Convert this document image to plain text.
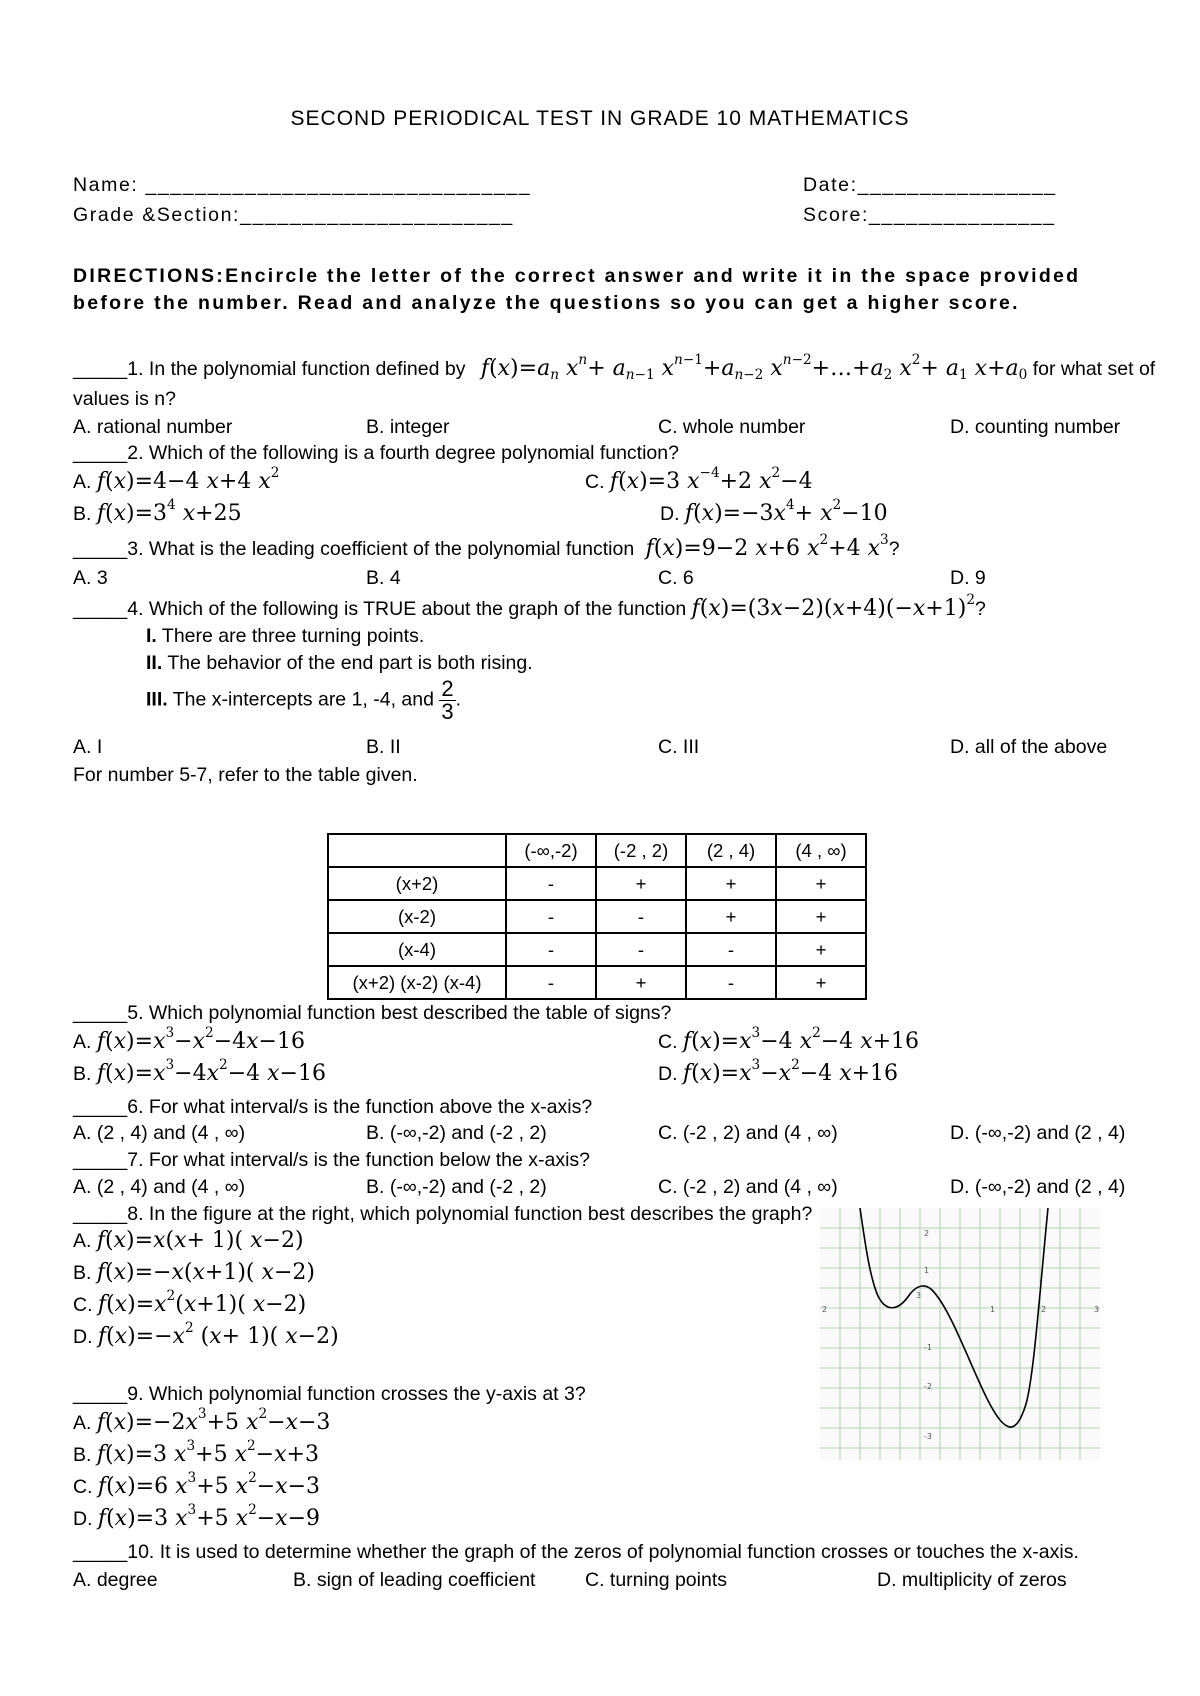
SECOND PERIODICAL TEST IN GRADE 10 MATHEMATICS
Name: _______________________________	Date:________________
Grade &Section:______________________	Score:_______________
DIRECTIONS:Encircle the letter of the correct answer and write it in the space provided
before the number. Read and analyze the questions so you can get a higher score.
_____1. In the polynomial function defined by $f(x)=a_n$ $x^n+ a_{n-1}$ $x^{n-1}+a_{n-2}$ $x^{n-2}+\dots+a_2$ $x^2+ a_1$ $x+a_0$ for what set of
values is n?
A. rational number	B. integer	C. whole number	D. counting number
_____2. Which of the following is a fourth degree polynomial function?
A. f(x)=4−4 x+4 $x^2$	C. f(x)=3 $x^{-4}+2$ $x^2-4$
B. $f(x)=3^4$ x+25	D. $f(x)=-3x^4+ x^2-10$
_____3. What is the leading coefficient of the polynomial function f(x)=9−2 x+6 $x^2+4$ $x^3$?
A. 3	B. 4	C. 6	D. 9
_____4. Which of the following is TRUE about the graph of the function $f(x)=(3x-2)(x+4)(-x+1)^2$?
I. There are three turning points.
II. The behavior of the end part is both rising.
III. The x-intercepts are 1, -4, and $\frac{2}{3}$ .
A. I	B. II	C. III	D. all of the above
For number 5-7, refer to the table given.
	(-∞,-2)	(-2 , 2)	(2 , 4)	(4 , ∞)
(x+2)	-	+	+	+
(x-2)	-	-	+	+
(x-4)	-	-	-	+
(x+2) (x-2) (x-4)	-	+	-	+
_____5. Which polynomial function best described the table of signs?
A. $f(x)=x^3-x^2-4x-16$	C. $f(x)=x^3-4$ $x^2-4$ x+16
B. $f(x)=x^3-4x^2-4$ x−16	D. $f(x)=x^3-x^2-4$ x+16
_____6. For what interval/s is the function above the x-axis?
A. (2 , 4) and (4 , ∞)	B. (-∞,-2) and (-2 , 2)	C. (-2 , 2) and (4 , ∞)	D. (-∞,-2) and (2 , 4)
_____7. For what interval/s is the function below the x-axis?
A. (2 , 4) and (4 , ∞)	B. (-∞,-2) and (-2 , 2)	C. (-2 , 2) and (4 , ∞)	D. (-∞,-2) and (2 , 4)
_____8. In the figure at the right, which polynomial function best describes the graph?
A. f(x)=x(x+ 1)( x−2)
B. f(x)=−x(x+1)( x−2)
C. $f(x)=x^2(x+1)$( x−2)
D. $f(x)=-x^2$ (x+ 1)( x−2)
2	1	2
-1
-2
-3
3
1
2
3
_____9. Which polynomial function crosses the y-axis at 3?
A. $f(x)=-2x^3+5$ $x^2-x-3$
B. f(x)=3 $x^3+5$ $x^2-x+3$
C. f(x)=6 $x^3+5$ $x^2-x-3$
D. f(x)=3 $x^3+5$ $x^2-x-9$
_____10. It is used to determine whether the graph of the zeros of polynomial function crosses or touches the x-axis.
A. degree	B. sign of leading coefficient	C. turning points	D. multiplicity of zeros
